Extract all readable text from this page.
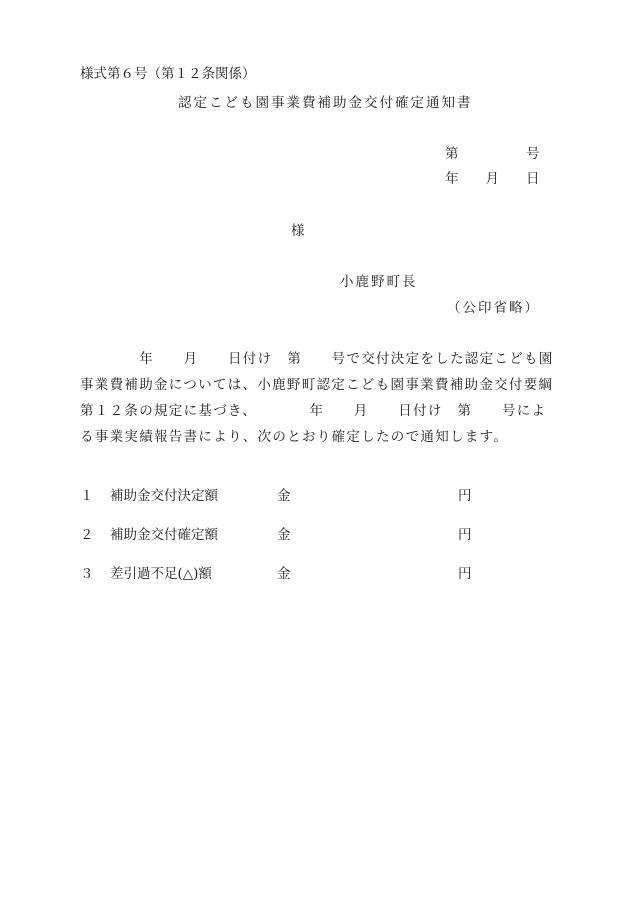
様式第６号（第１２条関係）
認定こども園事業費補助金交付確定通知書
第　　　　　号
年　　月　　日
様
小鹿野町長
（公印省略）
　　　　年　　月　　日付け　第　　号で交付決定をした認定こども園
事業費補助金については、小鹿野町認定こども園事業費補助金交付要綱
第１２条の規定に基づき、　　　　年　　月　　日付け　第　　号によ
る事業実績報告書により、次のとおり確定したので通知します。
１ 補助金交付決定額	金	円
２ 補助金交付確定額	金	円
３ 差引過不足(△)額	金	円
